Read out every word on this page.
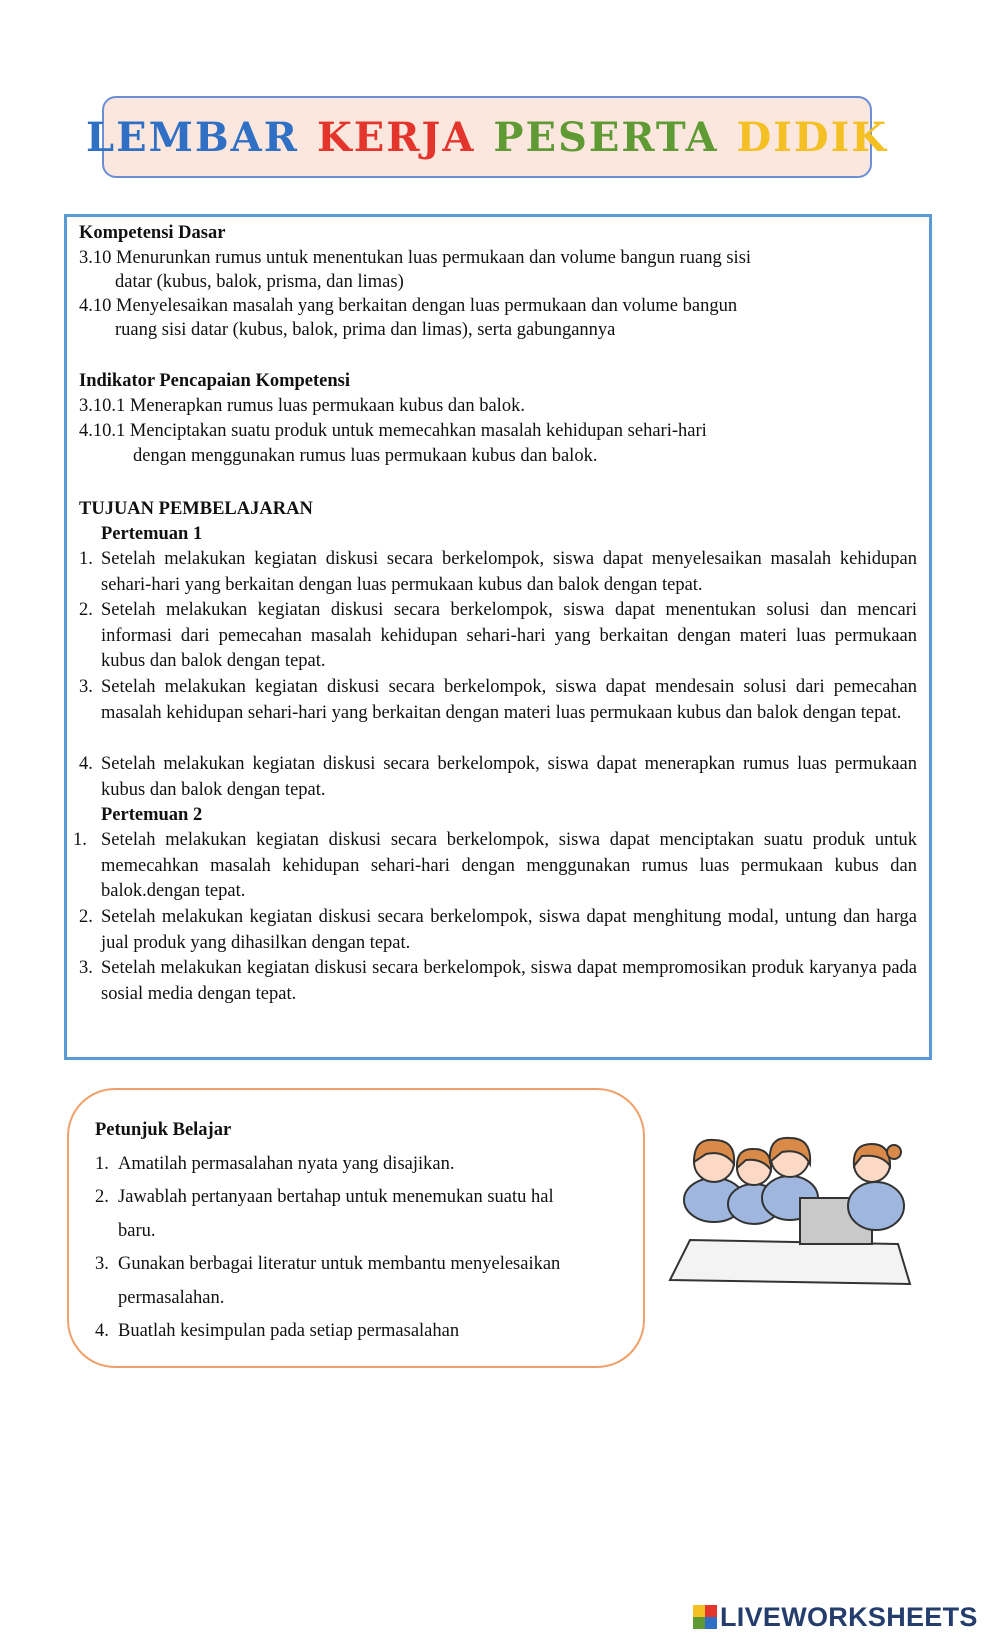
LEMBAR KERJA PESERTA DIDIK
Kompetensi Dasar
3.10 Menurunkan rumus untuk menentukan luas permukaan dan volume bangun ruang sisi
datar (kubus, balok, prisma, dan limas)
4.10 Menyelesaikan masalah yang berkaitan dengan luas permukaan dan volume bangun
ruang sisi datar (kubus, balok, prima dan limas), serta gabungannya
Indikator Pencapaian Kompetensi
3.10.1 Menerapkan rumus luas permukaan kubus dan balok.
4.10.1 Menciptakan suatu produk untuk memecahkan masalah kehidupan sehari-hari
dengan menggunakan rumus luas permukaan kubus dan balok.
TUJUAN PEMBELAJARAN
Pertemuan 1
1. Setelah melakukan kegiatan diskusi secara berkelompok, siswa dapat menyelesaikan masalah kehidupan sehari-hari yang berkaitan dengan luas permukaan kubus dan balok dengan tepat.
2. Setelah melakukan kegiatan diskusi secara berkelompok, siswa dapat menentukan solusi dan mencari informasi dari pemecahan masalah kehidupan sehari-hari yang berkaitan dengan materi luas permukaan kubus dan balok dengan tepat.
3. Setelah melakukan kegiatan diskusi secara berkelompok, siswa dapat mendesain solusi dari pemecahan masalah kehidupan sehari-hari yang berkaitan dengan materi luas permukaan kubus dan balok dengan tepat.
4. Setelah melakukan kegiatan diskusi secara berkelompok, siswa dapat menerapkan rumus luas permukaan kubus dan balok dengan tepat.
Pertemuan 2
1. Setelah melakukan kegiatan diskusi secara berkelompok, siswa dapat menciptakan suatu produk untuk memecahkan masalah kehidupan sehari-hari dengan menggunakan rumus luas permukaan kubus dan balok.dengan tepat.
2. Setelah melakukan kegiatan diskusi secara berkelompok, siswa dapat menghitung modal, untung dan harga jual produk yang dihasilkan dengan tepat.
3. Setelah melakukan kegiatan diskusi secara berkelompok, siswa dapat mempromosikan produk karyanya pada sosial media dengan tepat.
Petunjuk Belajar
1. Amatilah permasalahan nyata yang disajikan.
2. Jawablah pertanyaan bertahap untuk menemukan suatu hal
baru.
3. Gunakan berbagai literatur untuk membantu menyelesaikan
permasalahan.
4. Buatlah kesimpulan pada setiap permasalahan
LIVEWORKSHEETS
